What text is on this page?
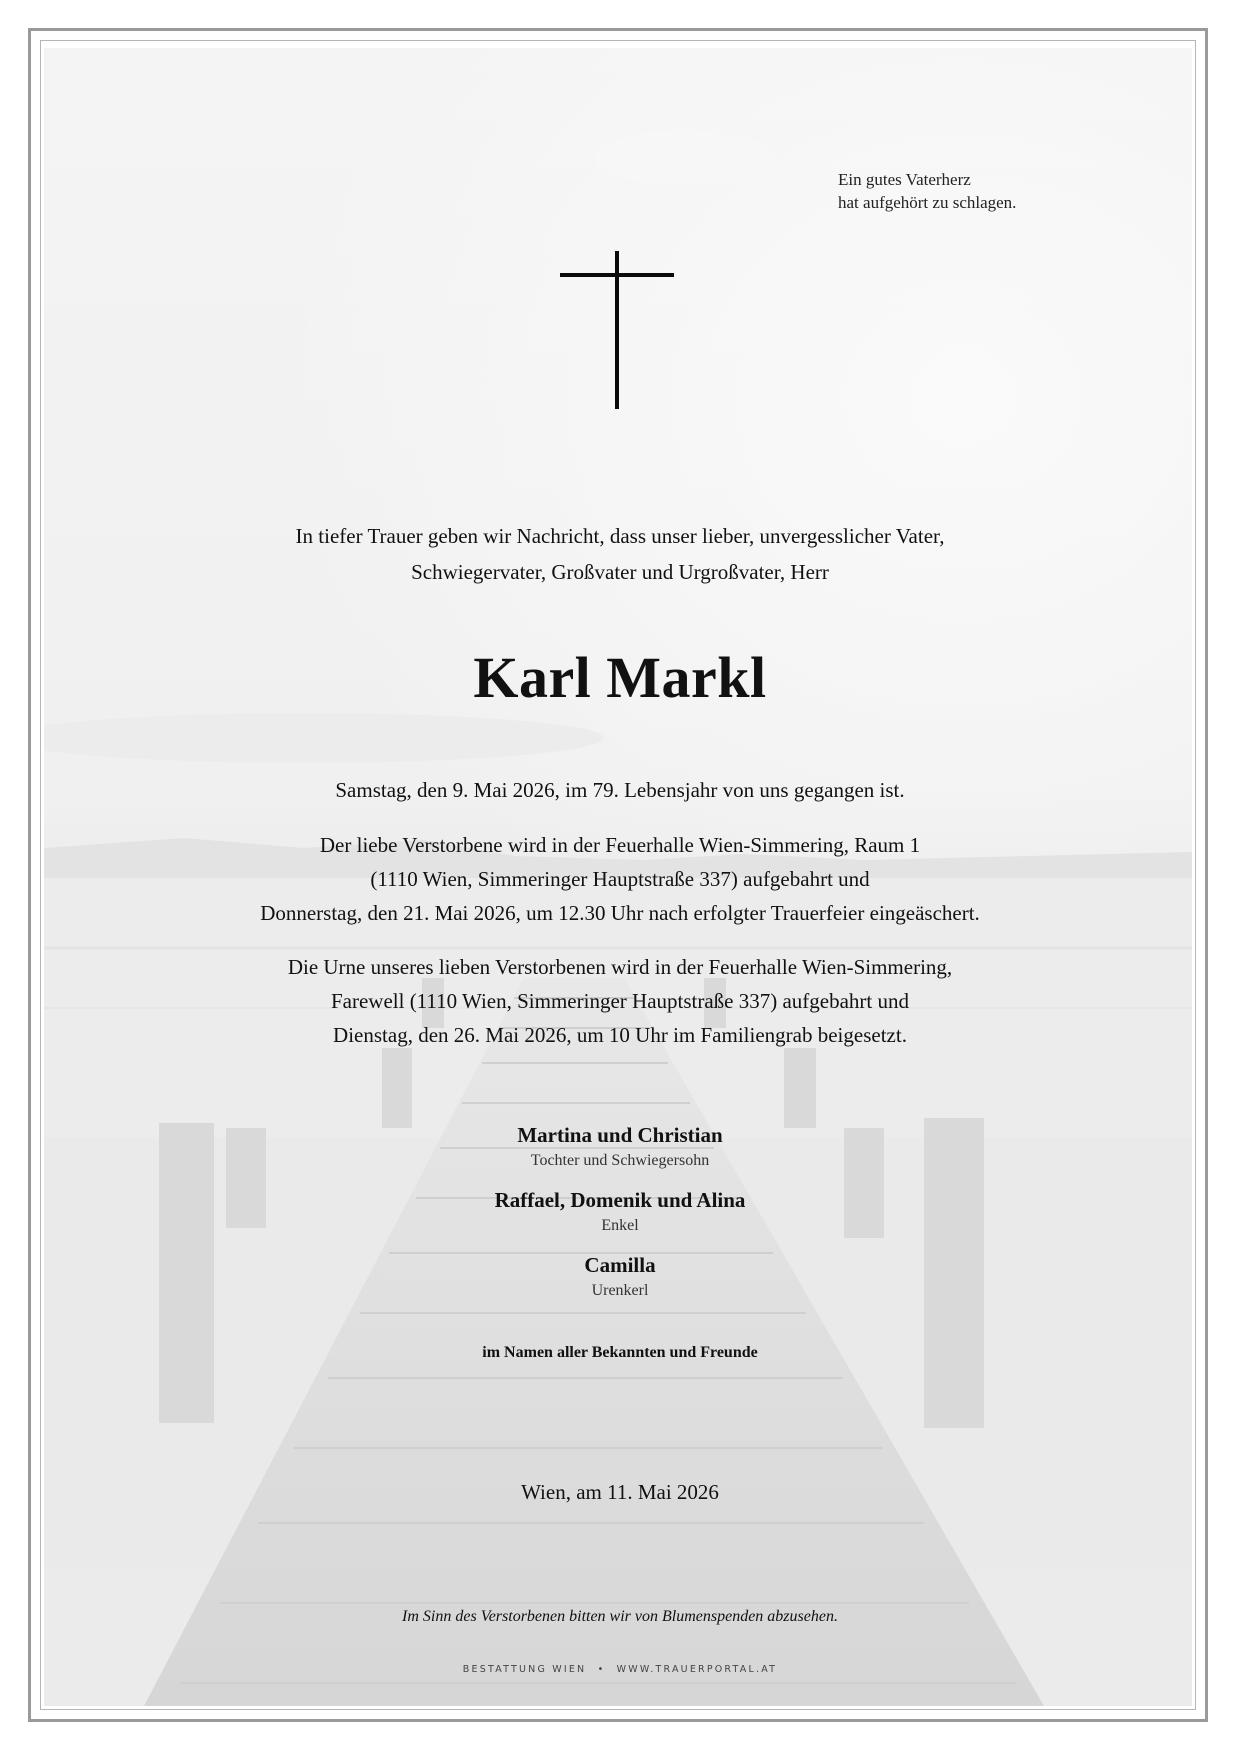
Ein gutes Vaterherz
hat aufgehört zu schlagen.
In tiefer Trauer geben wir Nachricht, dass unser lieber, unvergesslicher Vater,
Schwiegervater, Großvater und Urgroßvater, Herr
Karl Markl
Samstag, den 9. Mai 2026, im 79. Lebensjahr von uns gegangen ist.
Der liebe Verstorbene wird in der Feuerhalle Wien-Simmering, Raum 1
(1110 Wien, Simmeringer Hauptstraße 337) aufgebahrt und
Donnerstag, den 21. Mai 2026, um 12.30 Uhr nach erfolgter Trauerfeier eingeäschert.
Die Urne unseres lieben Verstorbenen wird in der Feuerhalle Wien-Simmering,
Farewell (1110 Wien, Simmeringer Hauptstraße 337) aufgebahrt und
Dienstag, den 26. Mai 2026, um 10 Uhr im Familiengrab beigesetzt.
Martina und Christian
Tochter und Schwiegersohn
Raffael, Domenik und Alina
Enkel
Camilla
Urenkerl
im Namen aller Bekannten und Freunde
Wien, am 11. Mai 2026
Im Sinn des Verstorbenen bitten wir von Blumenspenden abzusehen.
BESTATTUNG WIEN • WWW.TRAUERPORTAL.AT
